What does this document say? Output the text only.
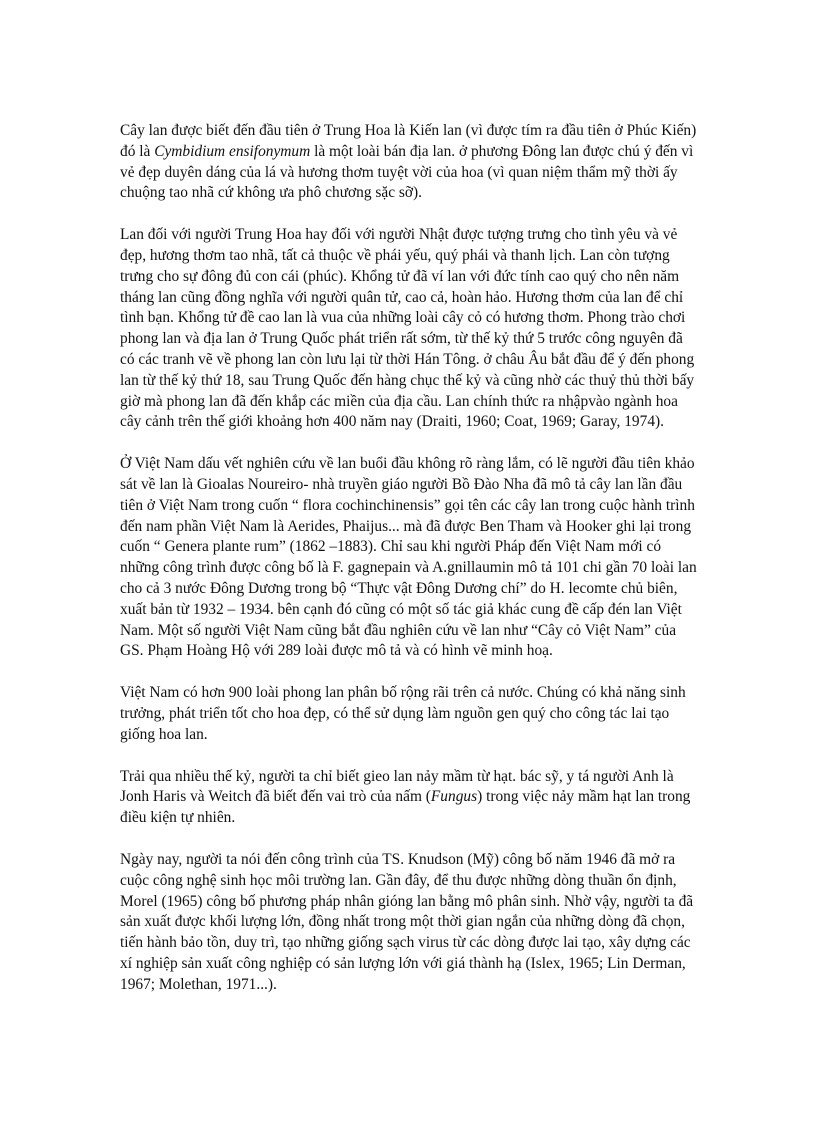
Cây lan được biết đến đầu tiên ở Trung Hoa là Kiến lan (vì được tím ra đầu tiên ở Phúc Kiến) đó là Cymbidium ensifonymum là một loài bán địa lan. ở phương Đông lan được chú ý đến vì vẻ đẹp duyên dáng của lá và hương thơm tuyệt vời của hoa (vì quan niệm thẩm mỹ thời ấy chuộng tao nhã cứ không ưa phô chương sặc sỡ).

Lan đối với người Trung Hoa hay đối với người Nhật được tượng trưng cho tình yêu và vẻ đẹp, hương thơm tao nhã, tất cả thuộc về phái yếu, quý phái và thanh lịch. Lan còn tượng trưng cho sự đông đủ con cái (phúc). Khổng tử đã ví lan với đức tính cao quý cho nên năm tháng lan cũng đồng nghĩa với người quân tử, cao cả, hoàn hảo. Hương thơm của lan để chỉ tình bạn. Khổng tử đề cao lan là vua của những loài cây cỏ có hương thơm. Phong trào chơi phong lan và địa lan ở Trung Quốc phát triển rất sớm, từ thế kỷ thứ 5 trước công nguyên đã có các tranh vẽ về phong lan còn lưu lại từ thời Hán Tông. ở châu Âu bắt đầu để ý đến phong lan từ thế kỷ thứ 18, sau Trung Quốc đến hàng chục thế kỷ và cũng nhờ các thuỷ thủ thời bấy giờ mà phong lan đã đến khắp các miền của địa cầu. Lan chính thức ra nhậpvào ngành hoa cây cảnh trên thế giới khoảng hơn 400 năm nay (Draiti, 1960; Coat, 1969; Garay, 1974).

Ở Việt Nam dấu vết nghiên cứu về lan buổi đầu không rõ ràng lắm, có lẽ người đầu tiên khảo sát về lan là Gioalas Noureiro- nhà truyền giáo người Bồ Đào Nha đã mô tả cây lan lần đầu tiên ở Việt Nam trong cuốn “ flora cochinchinensis” gọi tên các cây lan trong cuộc hành trình đến nam phần Việt Nam là Aerides, Phaijus... mà đã được Ben Tham và Hooker ghi lại trong cuốn “ Genera plante rum” (1862 –1883). Chỉ sau khi người Pháp đến Việt Nam mới có những công trình được công bố là F. gagnepain và A.gnillaumin mô tả 101 chi gần 70 loài lan cho cả 3 nước Đông Dương trong bộ “Thực vật Đông Dương chí” do H. lecomte chủ biên, xuất bản từ 1932 – 1934. bên cạnh đó cũng có một số tác giả khác cung đề cấp đén lan Việt Nam. Một số người Việt Nam cũng bắt đầu nghiên cứu về lan như “Cây cỏ Việt Nam” của GS. Phạm Hoàng Hộ với 289 loài được mô tả và có hình vẽ minh hoạ.

Việt Nam có hơn 900 loài phong lan phân bố rộng rãi trên cả nước. Chúng có khả năng sinh trưởng, phát triển tốt cho hoa đẹp, có thể sử dụng làm nguồn gen quý cho công tác lai tạo giống hoa lan.

Trải qua nhiều thế kỷ, người ta chỉ biết gieo lan nảy mầm từ hạt. bác sỹ, y tá người Anh là Jonh Haris và Weitch đã biết đến vai trò của nấm (Fungus) trong việc nảy mầm hạt lan trong điều kiện tự nhiên.

Ngày nay, người ta nói đến công trình của TS. Knudson (Mỹ) công bố năm 1946 đã mở ra cuộc công nghệ sinh học môi trường lan. Gần đây, để thu được những dòng thuần ổn định, Morel (1965) công bố phương pháp nhân gióng lan bằng mô phân sinh. Nhờ vậy, người ta đã sản xuất được khối lượng lớn, đồng nhất trong một thời gian ngắn của những dòng đã chọn, tiến hành bảo tồn, duy trì, tạo những giống sạch virus từ các dòng được lai tạo, xây dựng các xí nghiệp sản xuất công nghiệp có sản lượng lớn với giá thành hạ (Islex, 1965; Lin Derman, 1967; Molethan, 1971...).
